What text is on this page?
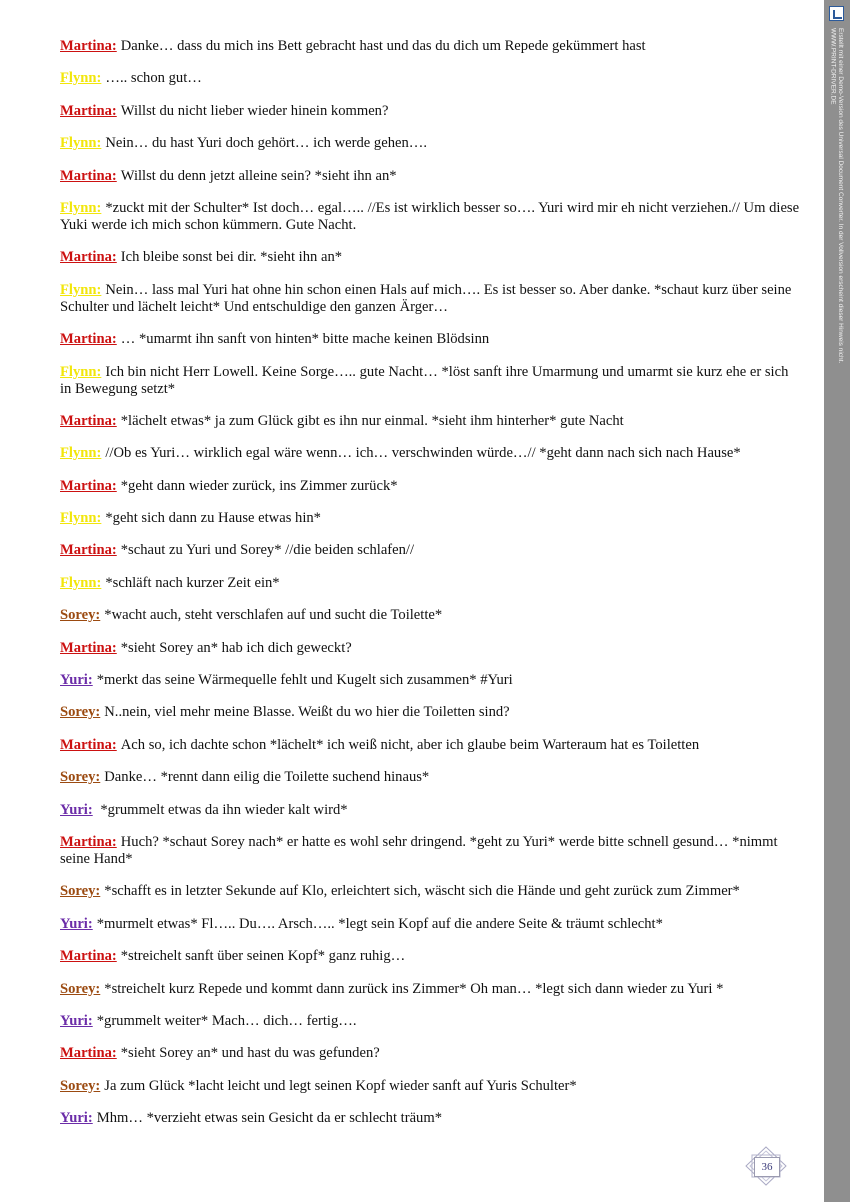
Martina: Danke… dass du mich ins Bett gebracht hast und das du dich um Repede gekümmert hast
Flynn: ….. schon gut…
Martina: Willst du nicht lieber wieder hinein kommen?
Flynn: Nein… du hast Yuri doch gehört… ich werde gehen….
Martina: Willst du denn jetzt alleine sein? *sieht ihn an*
Flynn: *zuckt mit der Schulter* Ist doch… egal….. //Es ist wirklich besser so…. Yuri wird mir eh nicht verziehen.// Um diese Yuki werde ich mich schon kümmern. Gute Nacht.
Martina: Ich bleibe sonst bei dir. *sieht ihn an*
Flynn: Nein… lass mal Yuri hat ohne hin schon einen Hals auf mich…. Es ist besser so. Aber danke. *schaut kurz über seine Schulter und lächelt leicht* Und entschuldige den ganzen Ärger…
Martina: … *umarmt ihn sanft von hinten* bitte mache keinen Blödsinn
Flynn: Ich bin nicht Herr Lowell. Keine Sorge….. gute Nacht… *löst sanft ihre Umarmung und umarmt sie kurz ehe er sich in Bewegung setzt*
Martina: *lächelt etwas* ja zum Glück gibt es ihn nur einmal. *sieht ihm hinterher* gute Nacht
Flynn: //Ob es Yuri… wirklich egal wäre wenn… ich… verschwinden würde…// *geht dann nach sich nach Hause*
Martina: *geht dann wieder zurück, ins Zimmer zurück*
Flynn: *geht sich dann zu Hause etwas hin*
Martina: *schaut zu Yuri und Sorey* //die beiden schlafen//
Flynn: *schläft nach kurzer Zeit ein*
Sorey: *wacht auch, steht verschlafen auf und sucht die Toilette*
Martina: *sieht Sorey an* hab ich dich geweckt?
Yuri: *merkt das seine Wärmequelle fehlt und Kugelt sich zusammen* #Yuri
Sorey: N..nein, viel mehr meine Blasse. Weißt du wo hier die Toiletten sind?
Martina: Ach so, ich dachte schon *lächelt* ich weiß nicht, aber ich glaube beim Warteraum hat es Toiletten
Sorey: Danke… *rennt dann eilig die Toilette suchend hinaus*
Yuri: *grummelt etwas da ihn wieder kalt wird*
Martina: Huch? *schaut Sorey nach* er hatte es wohl sehr dringend. *geht zu Yuri* werde bitte schnell gesund… *nimmt seine Hand*
Sorey: *schafft es in letzter Sekunde auf Klo, erleichtert sich, wäscht sich die Hände und geht zurück zum Zimmer*
Yuri: *murmelt etwas* Fl….. Du…. Arsch….. *legt sein Kopf auf die andere Seite & träumt schlecht*
Martina: *streichelt sanft über seinen Kopf* ganz ruhig…
Sorey: *streichelt kurz Repede und kommt dann zurück ins Zimmer* Oh man… *legt sich dann wieder zu Yuri *
Yuri: *grummelt weiter* Mach… dich… fertig….
Martina: *sieht Sorey an* und hast du was gefunden?
Sorey: Ja zum Glück *lacht leicht und legt seinen Kopf wieder sanft auf Yuris Schulter*
Yuri: Mhm… *verzieht etwas sein Gesicht da er schlecht träum*
36
Erstellt mit einer Demo-Version des Universal Document Converter. In der Vollversion erscheint dieser Hinweis nicht.
WWW.PRINT-DRIVER.DE
